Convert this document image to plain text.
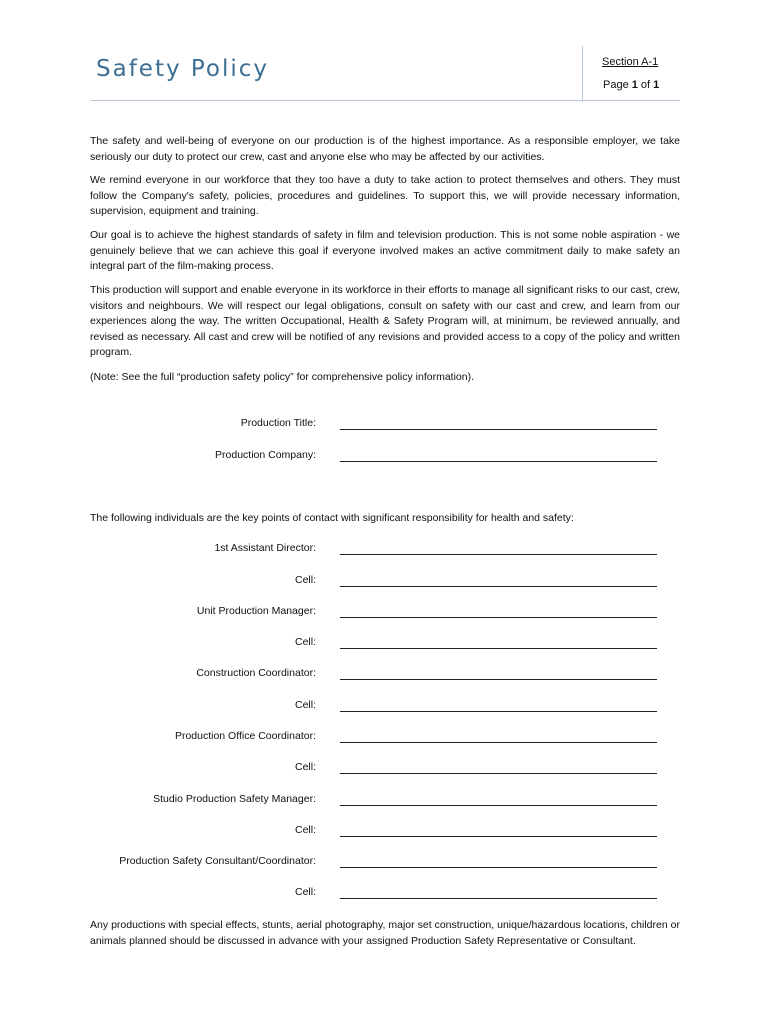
Safety Policy	Section A-1
Page 1 of 1

The safety and well-being of everyone on our production is of the highest importance. As a responsible employer, we take seriously our duty to protect our crew, cast and anyone else who may be affected by our activities.

We remind everyone in our workforce that they too have a duty to take action to protect themselves and others. They must follow the Company's safety, policies, procedures and guidelines. To support this, we will provide necessary information, supervision, equipment and training.

Our goal is to achieve the highest standards of safety in film and television production. This is not some noble aspiration - we genuinely believe that we can achieve this goal if everyone involved makes an active commitment daily to make safety an integral part of the film-making process.

This production will support and enable everyone in its workforce in their efforts to manage all significant risks to our cast, crew, visitors and neighbours. We will respect our legal obligations, consult on safety with our cast and crew, and learn from our experiences along the way. The written Occupational, Health & Safety Program will, at minimum, be reviewed annually, and revised as necessary. All cast and crew will be notified of any revisions and provided access to a copy of the policy and written program.

(Note: See the full “production safety policy” for comprehensive policy information).

Production Title:
Production Company:

The following individuals are the key points of contact with significant responsibility for health and safety:

1st Assistant Director:
Cell:
Unit Production Manager:
Cell:
Construction Coordinator:
Cell:
Production Office Coordinator:
Cell:
Studio Production Safety Manager:
Cell:
Production Safety Consultant/Coordinator:
Cell:

Any productions with special effects, stunts, aerial photography, major set construction, unique/hazardous locations, children or animals planned should be discussed in advance with your assigned Production Safety Representative or Consultant.
